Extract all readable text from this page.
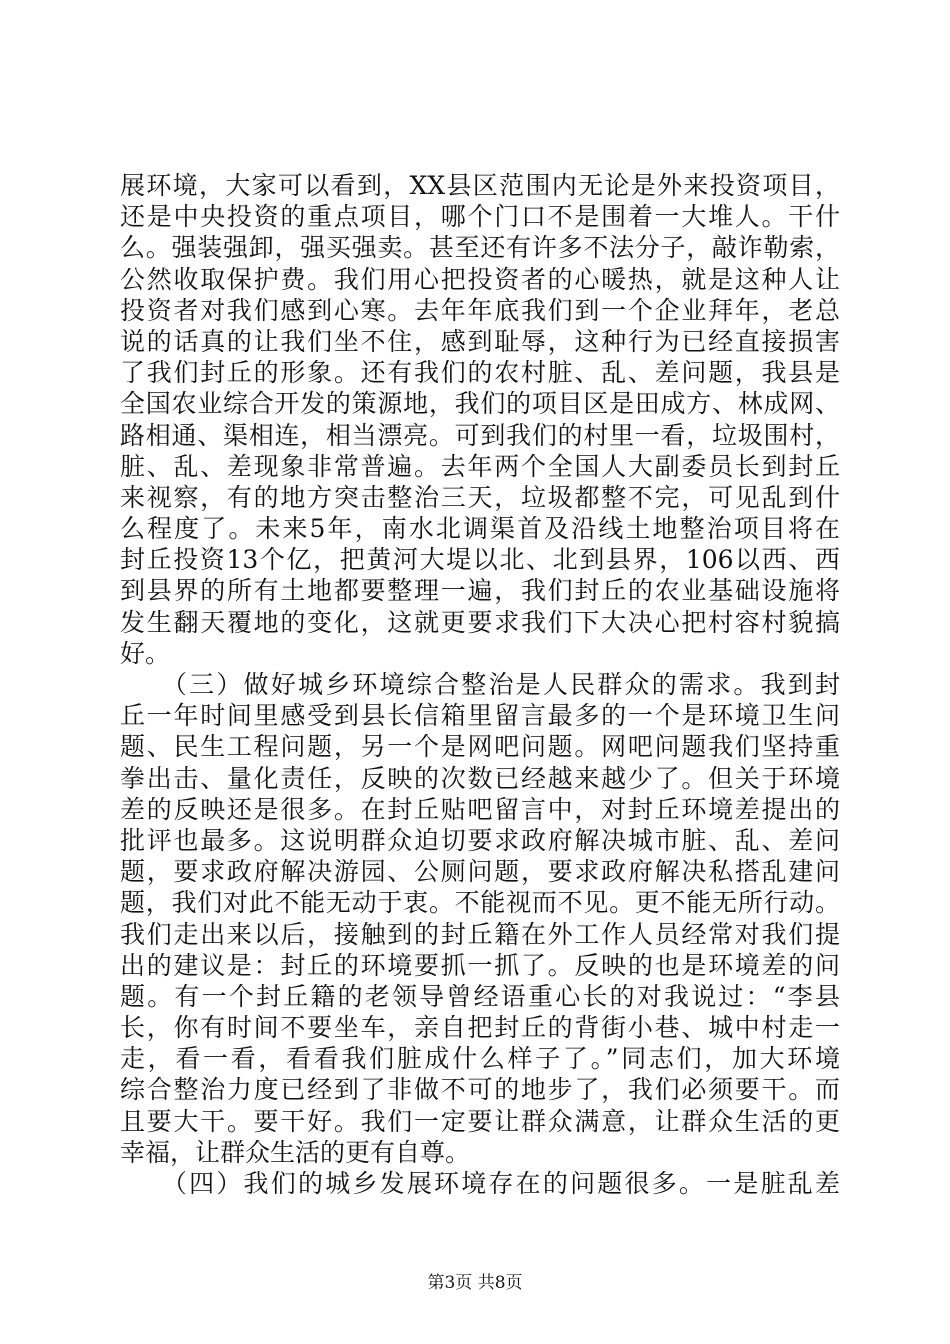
展环境，大家可以看到，XX县区范围内无论是外来投资项目，
还是中央投资的重点项目，哪个门口不是围着一大堆人。干什
么。强装强卸，强买强卖。甚至还有许多不法分子，敲诈勒索，
公然收取保护费。我们用心把投资者的心暖热，就是这种人让
投资者对我们感到心寒。去年年底我们到一个企业拜年，老总
说的话真的让我们坐不住，感到耻辱，这种行为已经直接损害
了我们封丘的形象。还有我们的农村脏、乱、差问题，我县是
全国农业综合开发的策源地，我们的项目区是田成方、林成网、
路相通、渠相连，相当漂亮。可到我们的村里一看，垃圾围村，
脏、乱、差现象非常普遍。去年两个全国人大副委员长到封丘
来视察，有的地方突击整治三天，垃圾都整不完，可见乱到什
么程度了。未来5年，南水北调渠首及沿线土地整治项目将在
封丘投资13个亿，把黄河大堤以北、北到县界，106以西、西
到县界的所有土地都要整理一遍，我们封丘的农业基础设施将
发生翻天覆地的变化，这就更要求我们下大决心把村容村貌搞
好。
　　（三）做好城乡环境综合整治是人民群众的需求。我到封
丘一年时间里感受到县长信箱里留言最多的一个是环境卫生问
题、民生工程问题，另一个是网吧问题。网吧问题我们坚持重
拳出击、量化责任，反映的次数已经越来越少了。但关于环境
差的反映还是很多。在封丘贴吧留言中，对封丘环境差提出的
批评也最多。这说明群众迫切要求政府解决城市脏、乱、差问
题，要求政府解决游园、公厕问题，要求政府解决私搭乱建问
题，我们对此不能无动于衷。不能视而不见。更不能无所行动。
我们走出来以后，接触到的封丘籍在外工作人员经常对我们提
出的建议是：封丘的环境要抓一抓了。反映的也是环境差的问
题。有一个封丘籍的老领导曾经语重心长的对我说过：“李县
长，你有时间不要坐车，亲自把封丘的背街小巷、城中村走一
走，看一看，看看我们脏成什么样子了。”同志们，加大环境
综合整治力度已经到了非做不可的地步了，我们必须要干。而
且要大干。要干好。我们一定要让群众满意，让群众生活的更
幸福，让群众生活的更有自尊。
　　（四）我们的城乡发展环境存在的问题很多。一是脏乱差
第3页 共8页
